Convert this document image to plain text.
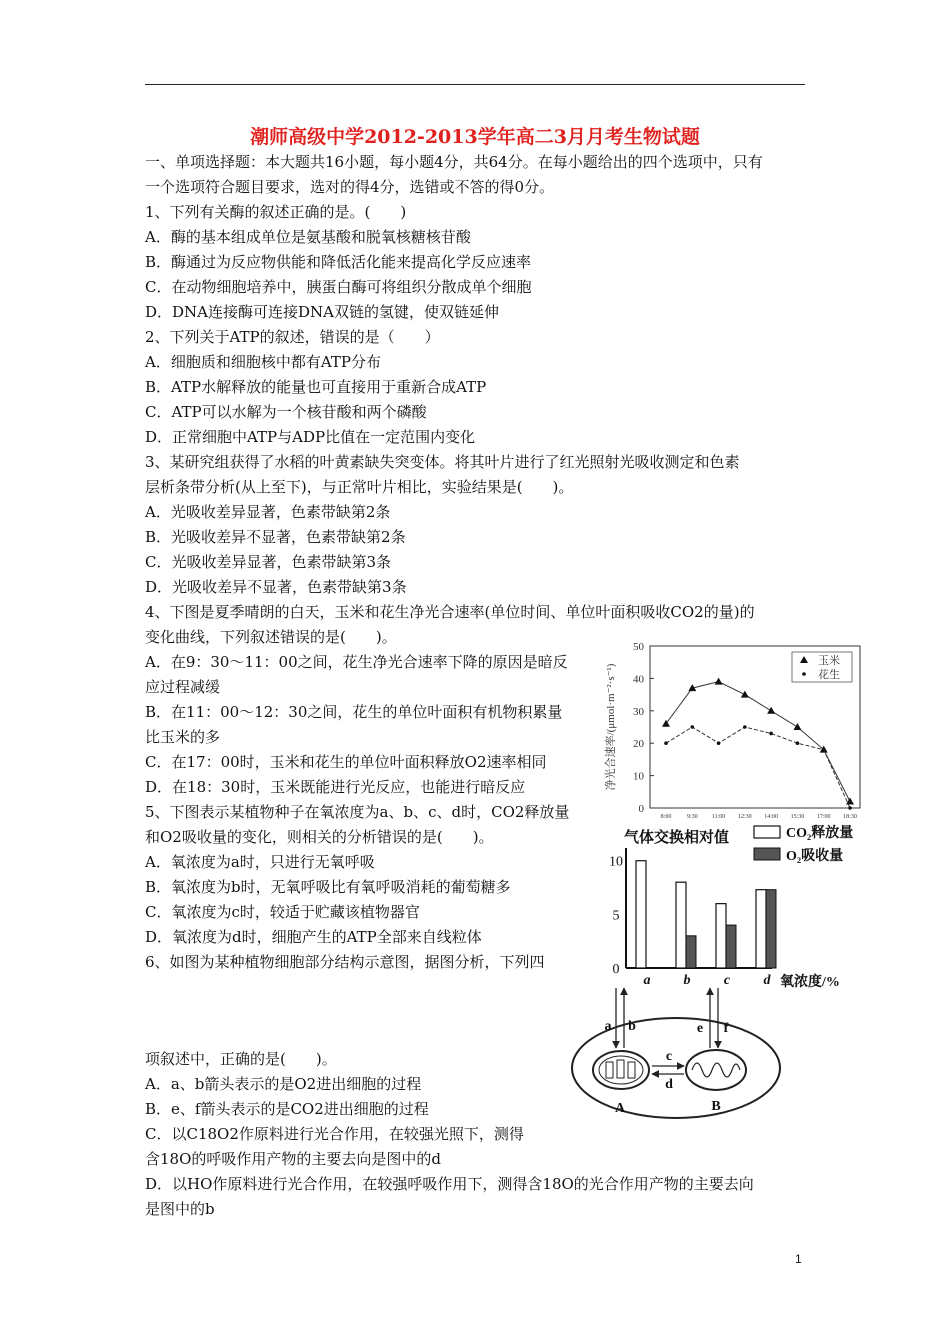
潮师高级中学2012-2013学年高二3月月考生物试题
一、单项选择题：本大题共16小题，每小题4分，共64分。在每小题给出的四个选项中，只有
一个选项符合题目要求，选对的得4分，选错或不答的得0分。
1、下列有关酶的叙述正确的是。(　　)
A．酶的基本组成单位是氨基酸和脱氧核糖核苷酸
B．酶通过为反应物供能和降低活化能来提高化学反应速率
C．在动物细胞培养中，胰蛋白酶可将组织分散成单个细胞
D．DNA连接酶可连接DNA双链的氢键，使双链延伸
2、下列关于ATP的叙述，错误的是（　　）
A．细胞质和细胞核中都有ATP分布
B．ATP水解释放的能量也可直接用于重新合成ATP
C．ATP可以水解为一个核苷酸和两个磷酸
D．正常细胞中ATP与ADP比值在一定范围内变化
3、某研究组获得了水稻的叶黄素缺失突变体。将其叶片进行了红光照射光吸收测定和色素
层析条带分析(从上至下)，与正常叶片相比，实验结果是(　　)。
A．光吸收差异显著，色素带缺第2条
B．光吸收差异不显著，色素带缺第2条
C．光吸收差异显著，色素带缺第3条
D．光吸收差异不显著，色素带缺第3条
4、下图是夏季晴朗的白天，玉米和花生净光合速率(单位时间、单位叶面积吸收CO2的量)的
变化曲线，下列叙述错误的是(　　)。
A．在9：30～11：00之间，花生净光合速率下降的原因是暗反
应过程减缓
B．在11：00～12：30之间，花生的单位叶面积有机物积累量
比玉米的多
C．在17：00时，玉米和花生的单位叶面积释放O2速率相同
D．在18：30时，玉米既能进行光反应，也能进行暗反应
5、下图表示某植物种子在氧浓度为a、b、c、d时，CO2释放量
和O2吸收量的变化，则相关的分析错误的是(　　)。
A．氧浓度为a时，只进行无氧呼吸
B．氧浓度为b时，无氧呼吸比有氧呼吸消耗的葡萄糖多
C．氧浓度为c时，较适于贮藏该植物器官
D．氧浓度为d时，细胞产生的ATP全部来自线粒体
6、如图为某种植物细胞部分结构示意图，据图分析，下列四
项叙述中，正确的是(　　)。
A．a、b箭头表示的是O2进出细胞的过程
B．e、f箭头表示的是CO2进出细胞的过程
C．以C18O2作原料进行光合作用，在较强光照下，测得
含18O的呼吸作用产物的主要去向是图中的d
D．以HO作原料进行光合作用，在较强呼吸作用下，测得含18O的光合作用产物的主要去向
是图中的b
1
0
10
20
30
40
50
8:00	9:30 11:00 12:30 14:00 15:30 17:00 18:30
净光合速率/(μmol·m⁻²·s⁻¹)
玉米
花生
气体交换相对值
0
5
10
a b c d 氧浓度/%
CO₂释放量
O₂吸收量
a b	e f
c
d
A	B
